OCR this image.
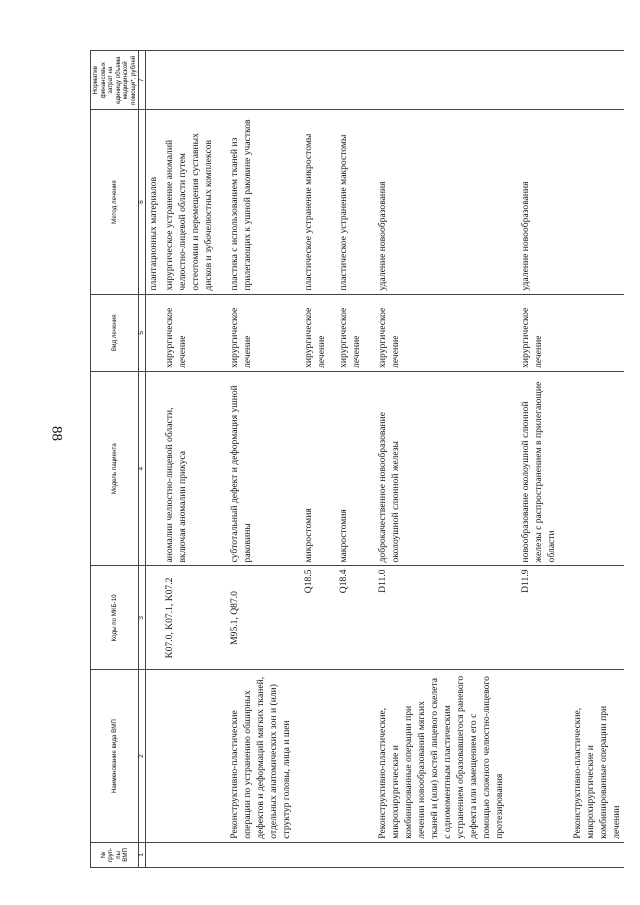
88
№ груп-пы ВМП	Наименование вида ВМП	Коды по МКБ-10	Модель пациента	Вид лечения	Метод лечения	Норматив финансовых затрат на единицу объема медицинской помощи*, рублей
1	2	3	4	5	6	7
					плантационных материалов	
		K07.0, K07.1, K07.2	аномалии челюстно-лицевой области, включая аномалии прикуса	хирургическое лечение	хирургическое устранение аномалий челюстно-лицевой области путем остеотомии и перемещения суставных дисков и зубочелюстных комплексов	
	Реконструктивно-пластические операции по устранению обширных дефектов и деформаций мягких тканей, отдельных анатомических зон и (или) структур головы, лица и шеи	M95.1, Q87.0	субтотальный дефект и деформация ушной раковины	хирургическое лечение	пластика с использованием тканей из прилегающих к ушной раковине участков	
		Q18.5	микростомия	хирургическое лечение	пластическое устранение микростомы	
		Q18.4	макростомия	хирургическое лечение	пластическое устранение макростомы	
	Реконструктивно-пластические, микрохирургические и комбинированные операции при лечении новообразований мягких тканей и (или) костей лицевого скелета с одномоментным пластическим устранением образовавшегося раневого дефекта или замещением его с помощью сложного челюстно-лицевого протезирования	D11.0	доброкачественное новообразование околоушной слюнной железы	хирургическое лечение	удаление новообразования	
		D11.9	новообразование околоушной слюнной железы с распространением в прилегающие области	хирургическое лечение	удаление новообразования	
	Реконструктивно-пластические, микрохирургические и комбинированные операции при лечении					
